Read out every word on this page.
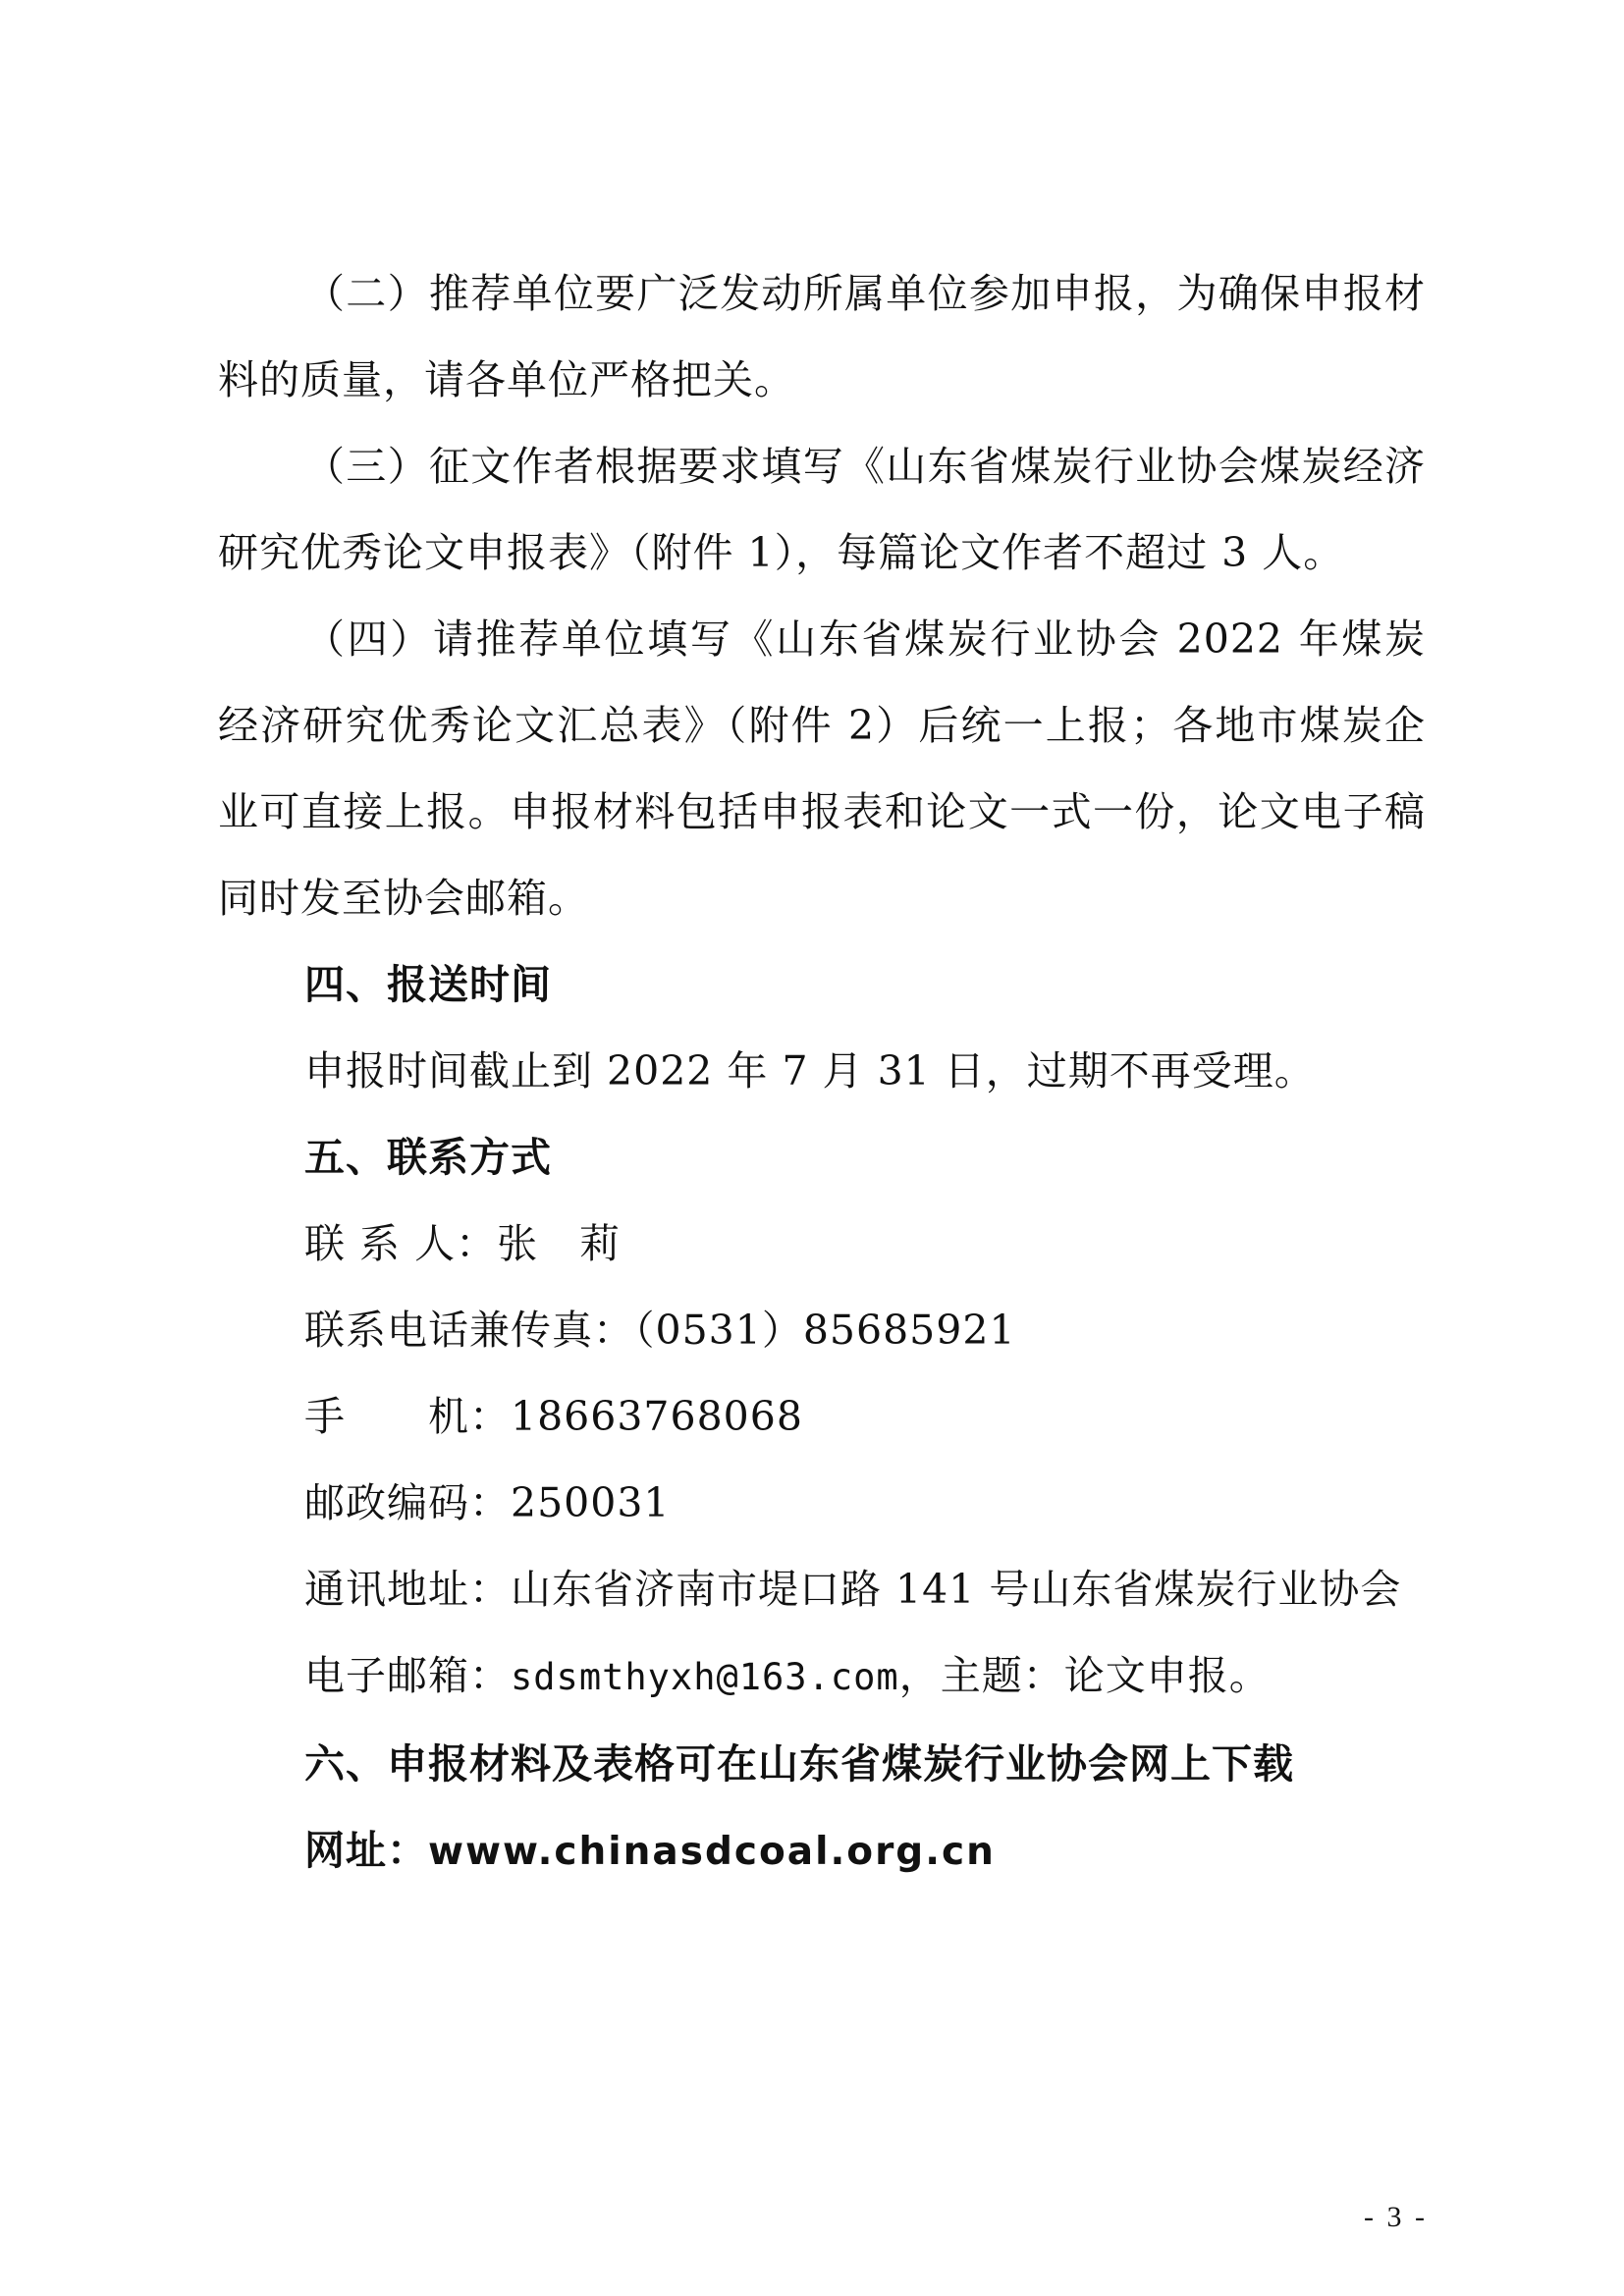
（二）推荐单位要广泛发动所属单位参加申报，为确保申报材料的质量，请各单位严格把关。

（三）征文作者根据要求填写《山东省煤炭行业协会煤炭经济研究优秀论文申报表》（附件 1），每篇论文作者不超过 3 人。

（四）请推荐单位填写《山东省煤炭行业协会 2022 年煤炭经济研究优秀论文汇总表》（附件 2）后统一上报；各地市煤炭企业可直接上报。申报材料包括申报表和论文一式一份，论文电子稿同时发至协会邮箱。

四、报送时间

申报时间截止到 2022 年 7 月 31 日，过期不再受理。

五、联系方式

联 系 人：张　莉

联系电话兼传真：（0531）85685921

手　　机：18663768068

邮政编码：250031

通讯地址：山东省济南市堤口路 141 号山东省煤炭行业协会

电子邮箱：sdsmthyxh@163.com，主题：论文申报。

六、申报材料及表格可在山东省煤炭行业协会网上下载

网址：www.chinasdcoal.org.cn

- 3 -
